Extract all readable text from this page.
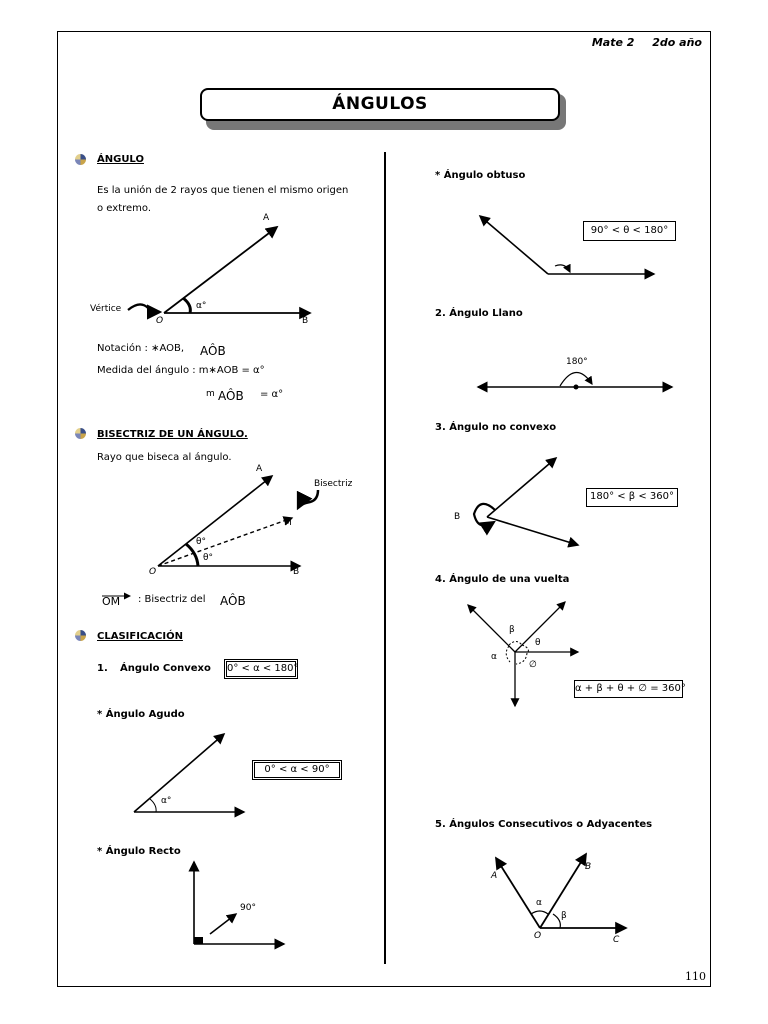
Mate 2 2do año
ÁNGULOS
ÁNGULO
Es la unión de 2 rayos que tienen el mismo origen
o extremo.
A
α°
Vértice
O	B
Notación : ∗AOB, AÔB
Medida del ángulo : m∗AOB = α°
m AÔB = α°
BISECTRIZ DE UN ÁNGULO.
Rayo que biseca al ángulo.
A
Bisectriz
M
θ°
θ°
O	B
OM : Bisectriz del AÔB
CLASIFICACIÓN
1. Ángulo Convexo	0° < α < 180°
* Ángulo Agudo
0° < α < 90°
α°
* Ángulo Recto
90°
* Ángulo obtuso
90° < θ < 180°
2. Ángulo Llano
180°
3. Ángulo no convexo
180° < β < 360°
B
4. Ángulo de una vuelta
β
θ
α
∅
α + β + θ + ∅ = 360°
5. Ángulos Consecutivos o Adyacentes
A
B
α
β
O	C
110
